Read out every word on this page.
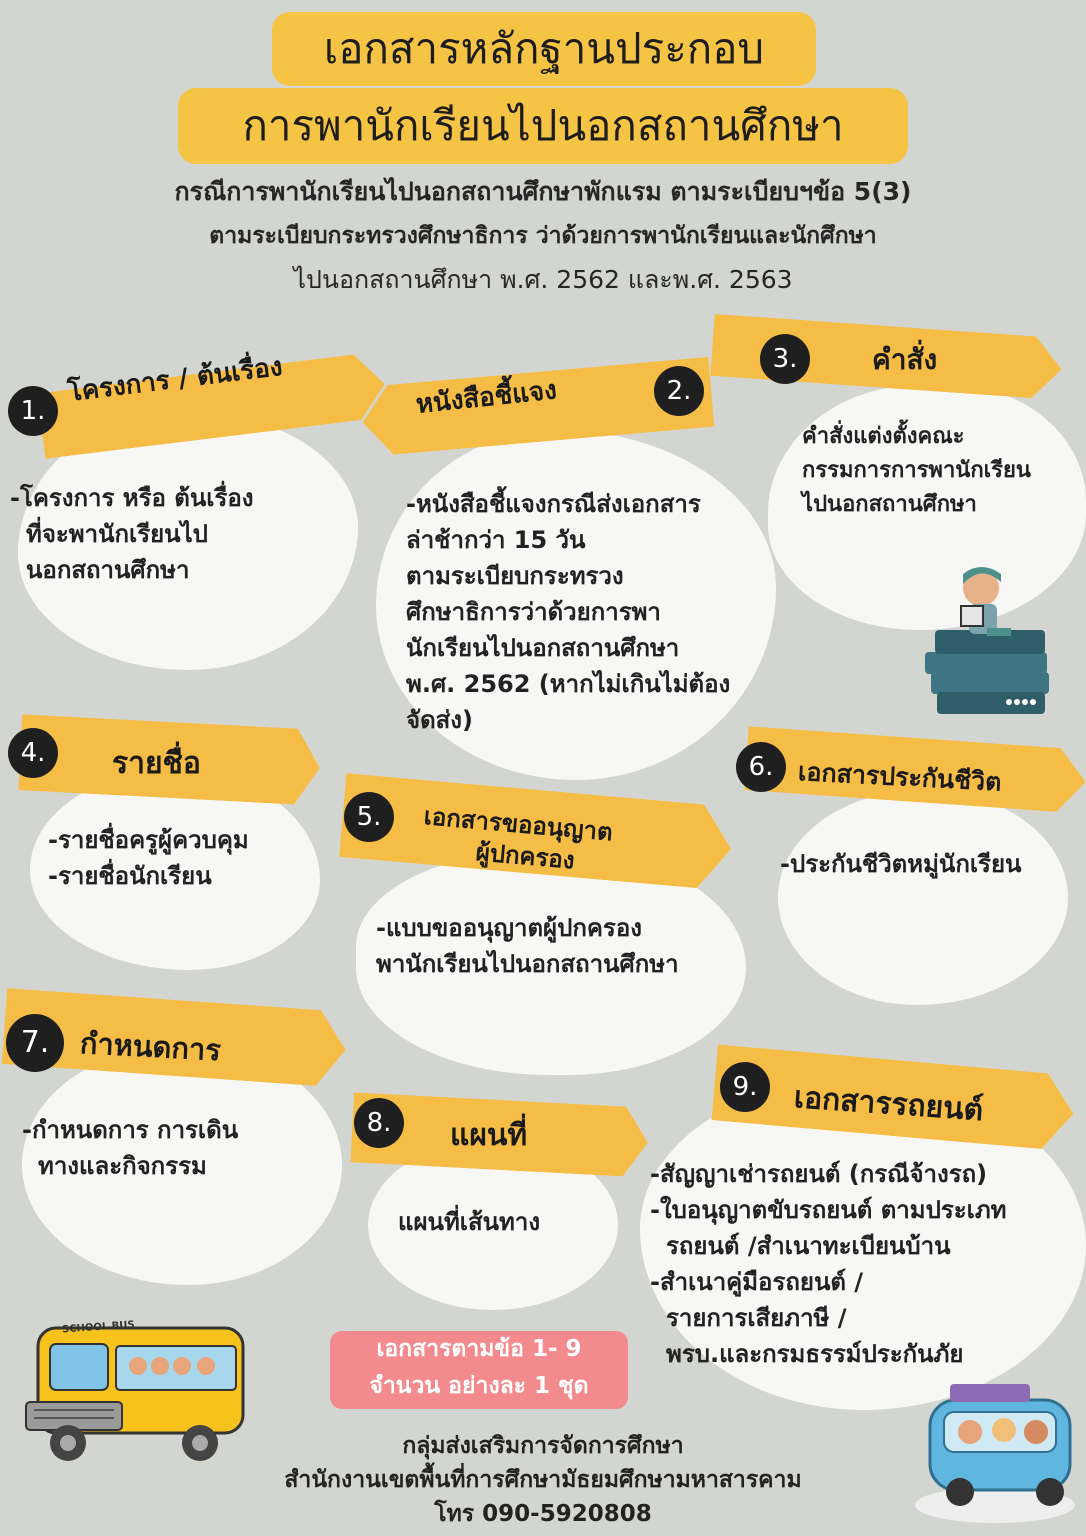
เอกสารหลักฐานประกอบ
การพานักเรียนไปนอกสถานศึกษา
กรณีการพานักเรียนไปนอกสถานศึกษาพักแรม ตามระเบียบฯข้อ 5(3)
ตามระเบียบกระทรวงศึกษาธิการ ว่าด้วยการพานักเรียนและนักศึกษา
ไปนอกสถานศึกษา พ.ศ. 2562 และพ.ศ. 2563
โครงการ / ต้นเรื่อง
1.
-โครงการ หรือ ต้นเรื่อง
ที่จะพานักเรียนไป
นอกสถานศึกษา
หนังสือชี้แจง	2.
-หนังสือชี้แจงกรณีส่งเอกสาร
ล่าช้ากว่า 15 วัน
ตามระเบียบกระทรวง
ศึกษาธิการว่าด้วยการพา
นักเรียนไปนอกสถานศึกษา
พ.ศ. 2562 (หากไม่เกินไม่ต้อง
จัดส่ง)
คำสั่ง
3.
คำสั่งแต่งตั้งคณะ
กรรมการการพานักเรียน
ไปนอกสถานศึกษา
รายชื่อ
4.
-รายชื่อครูผู้ควบคุม
-รายชื่อนักเรียน
เอกสารขออนุญาต
ผู้ปกครอง
5.
-แบบขออนุญาตผู้ปกครอง
พานักเรียนไปนอกสถานศึกษา
เอกสารประกันชีวิต
6.
-ประกันชีวิตหมู่นักเรียน
กำหนดการ
7.
-กำหนดการ การเดิน
ทางและกิจกรรม
แผนที่
8.
แผนที่เส้นทาง
เอกสารรถยนต์
9.
-สัญญาเช่ารถยนต์ (กรณีจ้างรถ)
-ใบอนุญาตขับรถยนต์ ตามประเภท
รถยนต์ /สำเนาทะเบียนบ้าน
-สำเนาคู่มือรถยนต์ /
รายการเสียภาษี /
พรบ.และกรมธรรม์ประกันภัย
SCHOOL BUS
เอกสารตามข้อ 1- 9
จำนวน อย่างละ 1 ชุด
กลุ่มส่งเสริมการจัดการศึกษา
สำนักงานเขตพื้นที่การศึกษามัธยมศึกษามหาสารคาม
โทร 090-5920808
